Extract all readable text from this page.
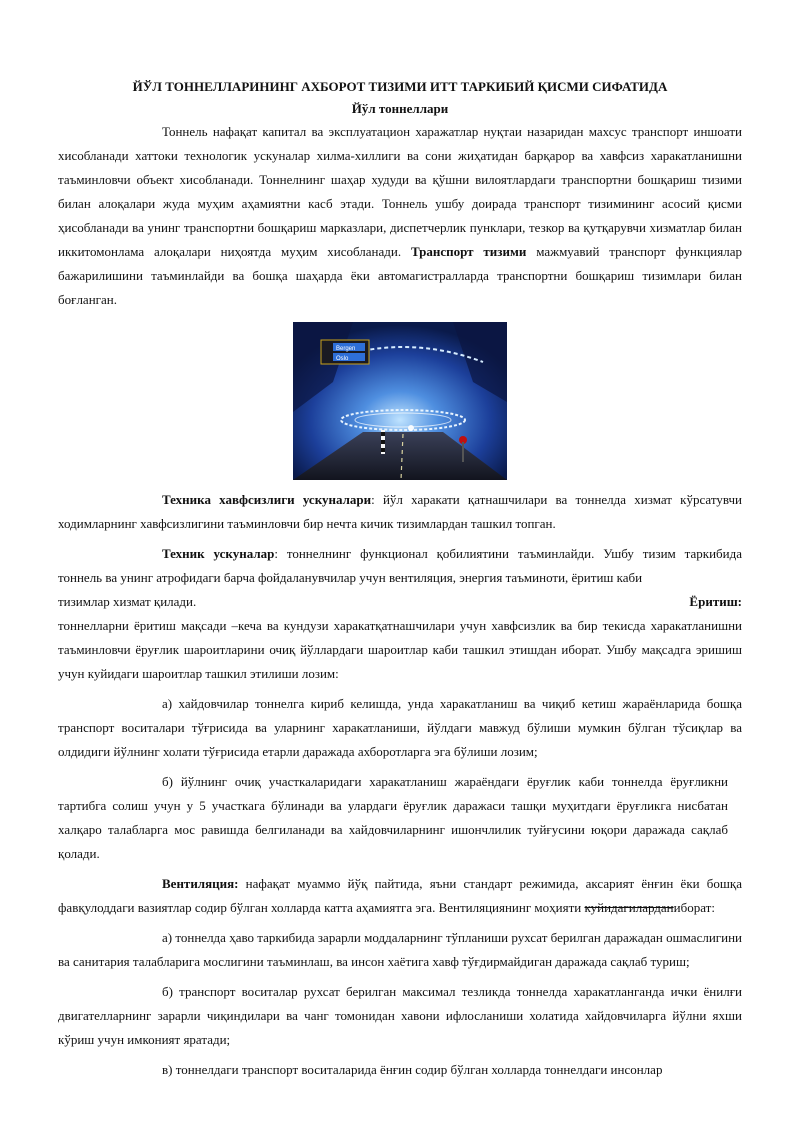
ЙЎЛ ТОННЕЛЛАРИНИНГ АХБОРОТ ТИЗИМИ ИТТ ТАРКИБИЙ ҚИСМИ СИФАТИДА
Йўл тоннеллари

Тоннель нафақат капитал ва эксплуатацион харажатлар нуқтаи назаридан махсус транспорт иншоати хисобланади хаттоки технологик ускуналар хилма-хиллиги ва сони жиҳатидан барқарор ва хавфсиз харакатланишни таъминловчи объект хисобланади. Тоннелнинг шаҳар худуди ва қўшни вилоятлардаги транспортни бошқариш тизими билан алоқалари жуда муҳим аҳамиятни касб этади. Тоннель ушбу доирада транспорт тизимининг асосий қисми ҳисобланади ва унинг транспортни бошқариш марказлари, диспетчерлик пунклари, тезкор ва қутқарувчи хизматлар билан иккитомонлама алоқалари ниҳоятда муҳим хисобланади. Транспорт тизими мажмуавий транспорт функциялар бажарилишини таъминлайди ва бошқа шаҳарда ёки автомагистралларда транспортни бошқариш тизимлари билан боғланган.

Bergen
Oslo

Техника хавфсизлиги ускуналари: йўл харакати қатнашчилари ва тоннелда хизмат кўрсатувчи ходимларнинг хавфсизлигини таъминловчи бир нечта кичик тизимлардан ташкил топган.

Техник ускуналар: тоннелнинг функционал қобилиятини таъминлайди. Ушбу тизим таркибида тоннель ва унинг атрофидаги барча фойдаланувчилар учун вентиляция, энергия таъминоти, ёритиш каби

тизимлар хизмат қилади.	Ёритиш:

тоннелларни ёритиш мақсади –кеча ва кундузи харакатқатнашчилари учун хавфсизлик ва бир текисда харакатланишни таъминловчи ёруғлик шароитларини очиқ йўллардаги шароитлар каби ташкил этишдан иборат. Ушбу мақсадга эришиш учун куйидаги шароитлар ташкил этилиши лозим:

а) хайдовчилар тоннелга кириб келишда, унда харакатланиш ва чиқиб кетиш жараёнларида бошқа транспорт воситалари тўғрисида ва уларнинг харакатланиши, йўлдаги мавжуд бўлиши мумкин бўлган тўсиқлар ва олдидиги йўлнинг холати тўғрисида етарли даражада ахборотларга эга бўлиши лозим;

б) йўлнинг очиқ участкаларидаги харакатланиш жараёндаги ёруғлик каби тоннелда ёруғликни тартибга солиш учун у 5 участкага бўлинади ва улардаги ёруғлик даражаси ташқи муҳитдаги ёруғликга нисбатан халқаро талабларга мос равишда белгиланади ва хайдовчиларнинг ишончлилик туйғусини юқори даражада сақлаб қолади.

Вентиляция: нафақат муаммо йўқ пайтида, яъни стандарт режимида, аксарият ёнғин ёки бошқа фавқулоддаги вазиятлар содир бўлган холларда катта аҳамиятга эга. Вентиляциянинг моҳияти куйидагиларданиборат:

а) тоннелда ҳаво таркибида зарарли моддаларнинг тўпланиши рухсат берилган даражадан ошмаслигини ва санитария талабларига мослигини таъминлаш, ва инсон хаётига хавф тўғдирмайдиган даражада сақлаб туриш;

б) транспорт воситалар рухсат берилган максимал тезликда тоннелда харакатланганда ички ёнилғи двигателларнинг зарарли чиқиндилари ва чанг томонидан хавони ифлосланиши холатида хайдовчиларга йўлни яхши кўриш учун имконият яратади;

в) тоннелдаги транспорт воситаларида ёнғин содир бўлган холларда тоннелдаги инсонлар
